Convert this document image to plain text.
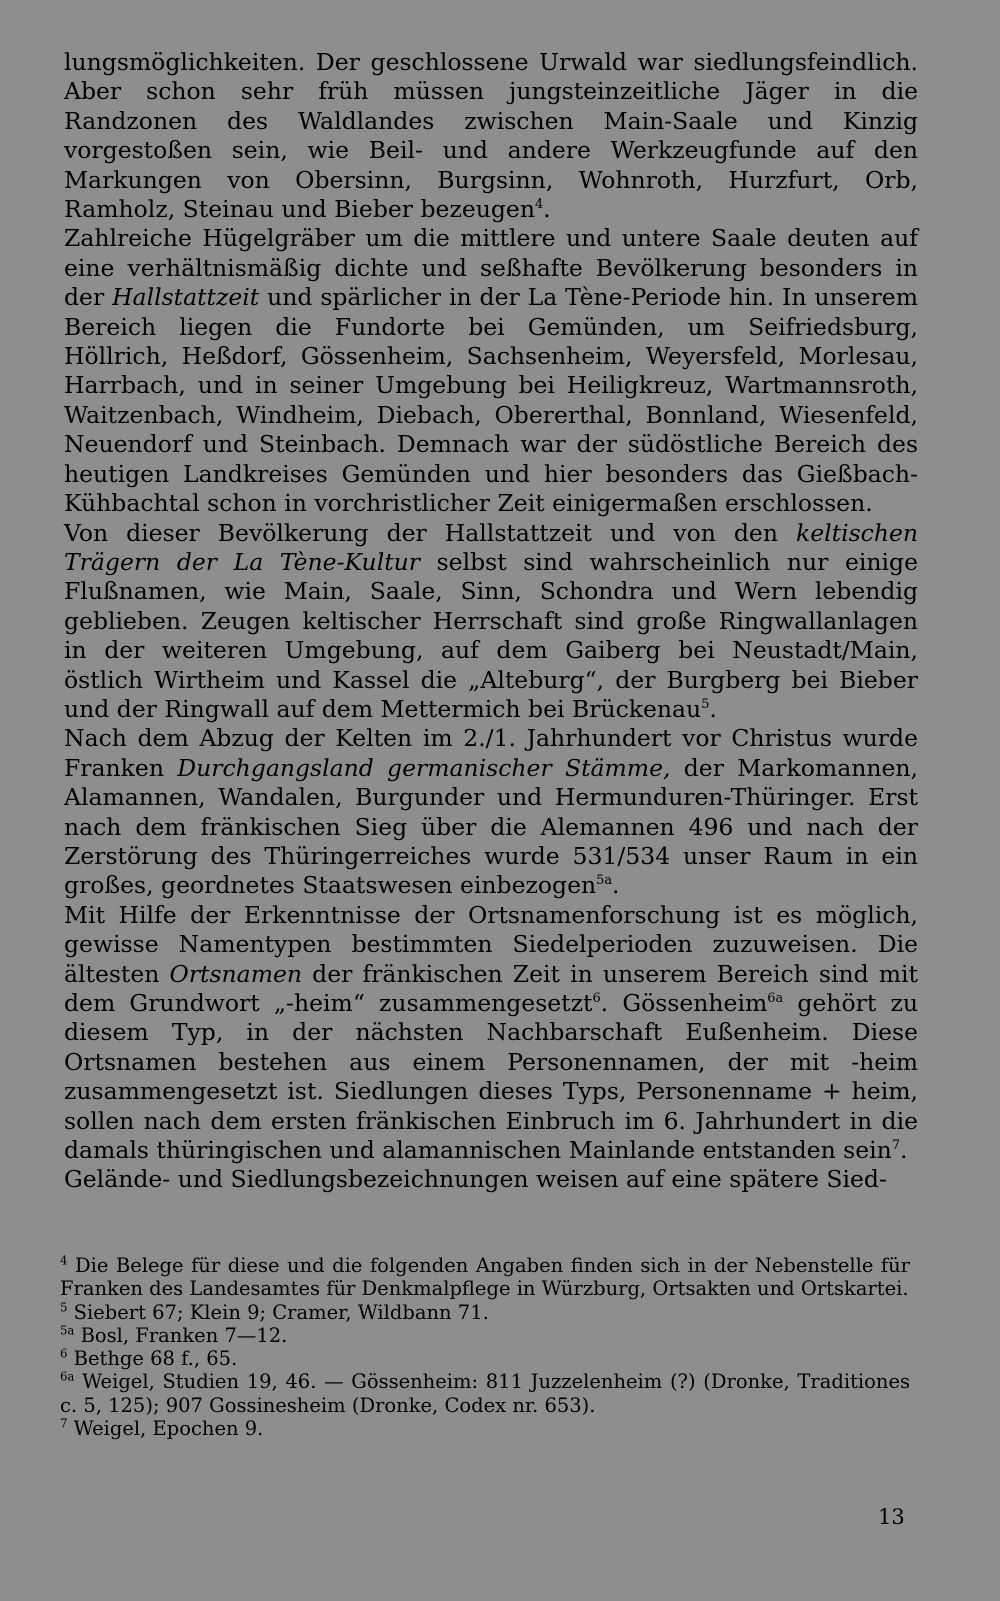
lungsmöglichkeiten. Der geschlossene Urwald war siedlungsfeindlich. Aber schon sehr früh müssen jungsteinzeitliche Jäger in die Randzonen des Waldlandes zwischen Main-Saale und Kinzig vorgestoßen sein, wie Beil- und andere Werkzeugfunde auf den Markungen von Obersinn, Burgsinn, Wohnroth, Hurzfurt, Orb, Ramholz, Steinau und Bieber bezeugen$^4$.

Zahlreiche Hügelgräber um die mittlere und untere Saale deuten auf eine verhältnismäßig dichte und seßhafte Bevölkerung besonders in der Hallstattzeit und spärlicher in der La Tène-Periode hin. In unserem Bereich liegen die Fundorte bei Gemünden, um Seifriedsburg, Höllrich, Heßdorf, Gössenheim, Sachsenheim, Weyersfeld, Morlesau, Harrbach, und in seiner Umgebung bei Heiligkreuz, Wartmannsroth, Waitzenbach, Windheim, Diebach, Obererthal, Bonnland, Wiesenfeld, Neuendorf und Steinbach. Demnach war der südöstliche Bereich des heutigen Landkreises Gemünden und hier besonders das Gießbach-Kühbachtal schon in vorchristlicher Zeit einigermaßen erschlossen.

Von dieser Bevölkerung der Hallstattzeit und von den keltischen Trägern der La Tène-Kultur selbst sind wahrscheinlich nur einige Flußnamen, wie Main, Saale, Sinn, Schondra und Wern lebendig geblieben. Zeugen keltischer Herrschaft sind große Ringwallanlagen in der weiteren Umgebung, auf dem Gaiberg bei Neustadt/Main, östlich Wirtheim und Kassel die „Alteburg“, der Burgberg bei Bieber und der Ringwall auf dem Mettermich bei Brückenau$^5$.

Nach dem Abzug der Kelten im 2./1. Jahrhundert vor Christus wurde Franken Durchgangsland germanischer Stämme, der Markomannen, Alamannen, Wandalen, Burgunder und Hermunduren-Thüringer. Erst nach dem fränkischen Sieg über die Alemannen 496 und nach der Zerstörung des Thüringerreiches wurde 531/534 unser Raum in ein großes, geordnetes Staatswesen einbezogen$^{5a}$.

Mit Hilfe der Erkenntnisse der Ortsnamenforschung ist es möglich, gewisse Namentypen bestimmten Siedelperioden zuzuweisen. Die ältesten Ortsnamen der fränkischen Zeit in unserem Bereich sind mit dem Grundwort „-heim“ zusammengesetzt$^6$. Gössenheim$^{6a}$ gehört zu diesem Typ, in der nächsten Nachbarschaft Eußenheim. Diese Ortsnamen bestehen aus einem Personennamen, der mit -heim zusammengesetzt ist. Siedlungen dieses Typs, Personenname + heim, sollen nach dem ersten fränkischen Einbruch im 6. Jahrhundert in die damals thüringischen und alamannischen Mainlande entstanden sein$^7$.

Gelände- und Siedlungsbezeichnungen weisen auf eine spätere Sied-

$^4$ Die Belege für diese und die folgenden Angaben finden sich in der Nebenstelle für Franken des Landesamtes für Denkmalpflege in Würzburg, Ortsakten und Ortskartei.

$^5$ Siebert 67; Klein 9; Cramer, Wildbann 71.

$^{5a}$ Bosl, Franken 7—12.

$^6$ Bethge 68 f., 65.

$^{6a}$ Weigel, Studien 19, 46. — Gössenheim: 811 Juzzelenheim (?) (Dronke, Traditiones c. 5, 125); 907 Gossinesheim (Dronke, Codex nr. 653).

$^7$ Weigel, Epochen 9.

13
